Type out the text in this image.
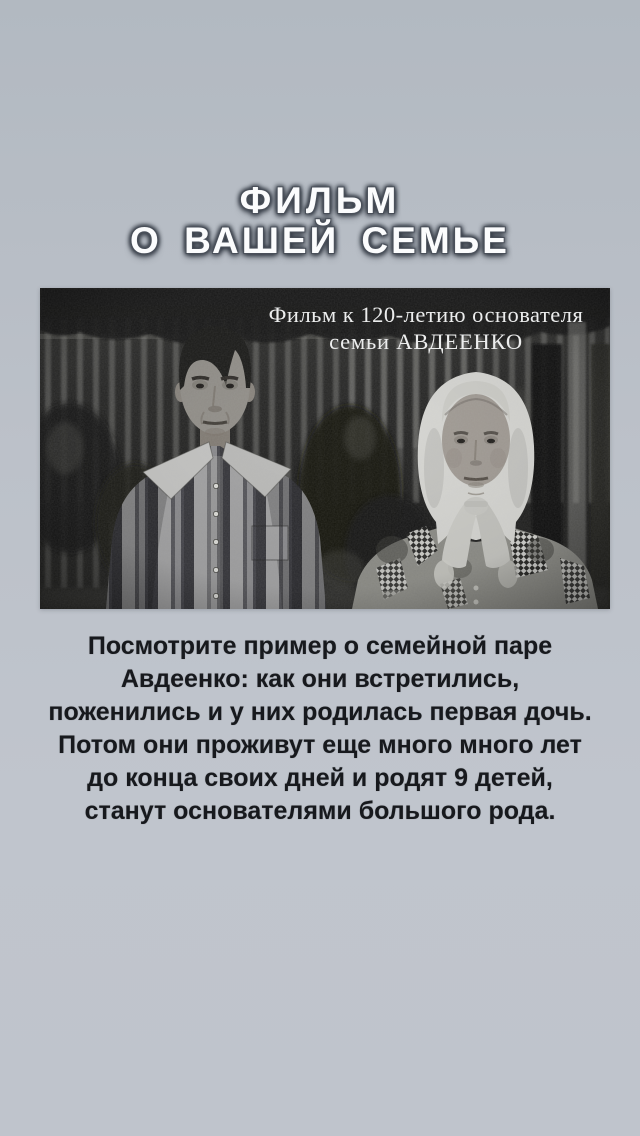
ФИЛЬМ
О ВАШЕЙ СЕМЬЕ
Фильм к 120-летию основателя
семьи АВДЕЕНКО
Посмотрите пример о семейной паре
Авдеенко: как они встретились,
поженились и у них родилась первая дочь.
Потом они проживут еще много много лет
до конца своих дней и родят 9 детей,
станут основателями большого рода.
